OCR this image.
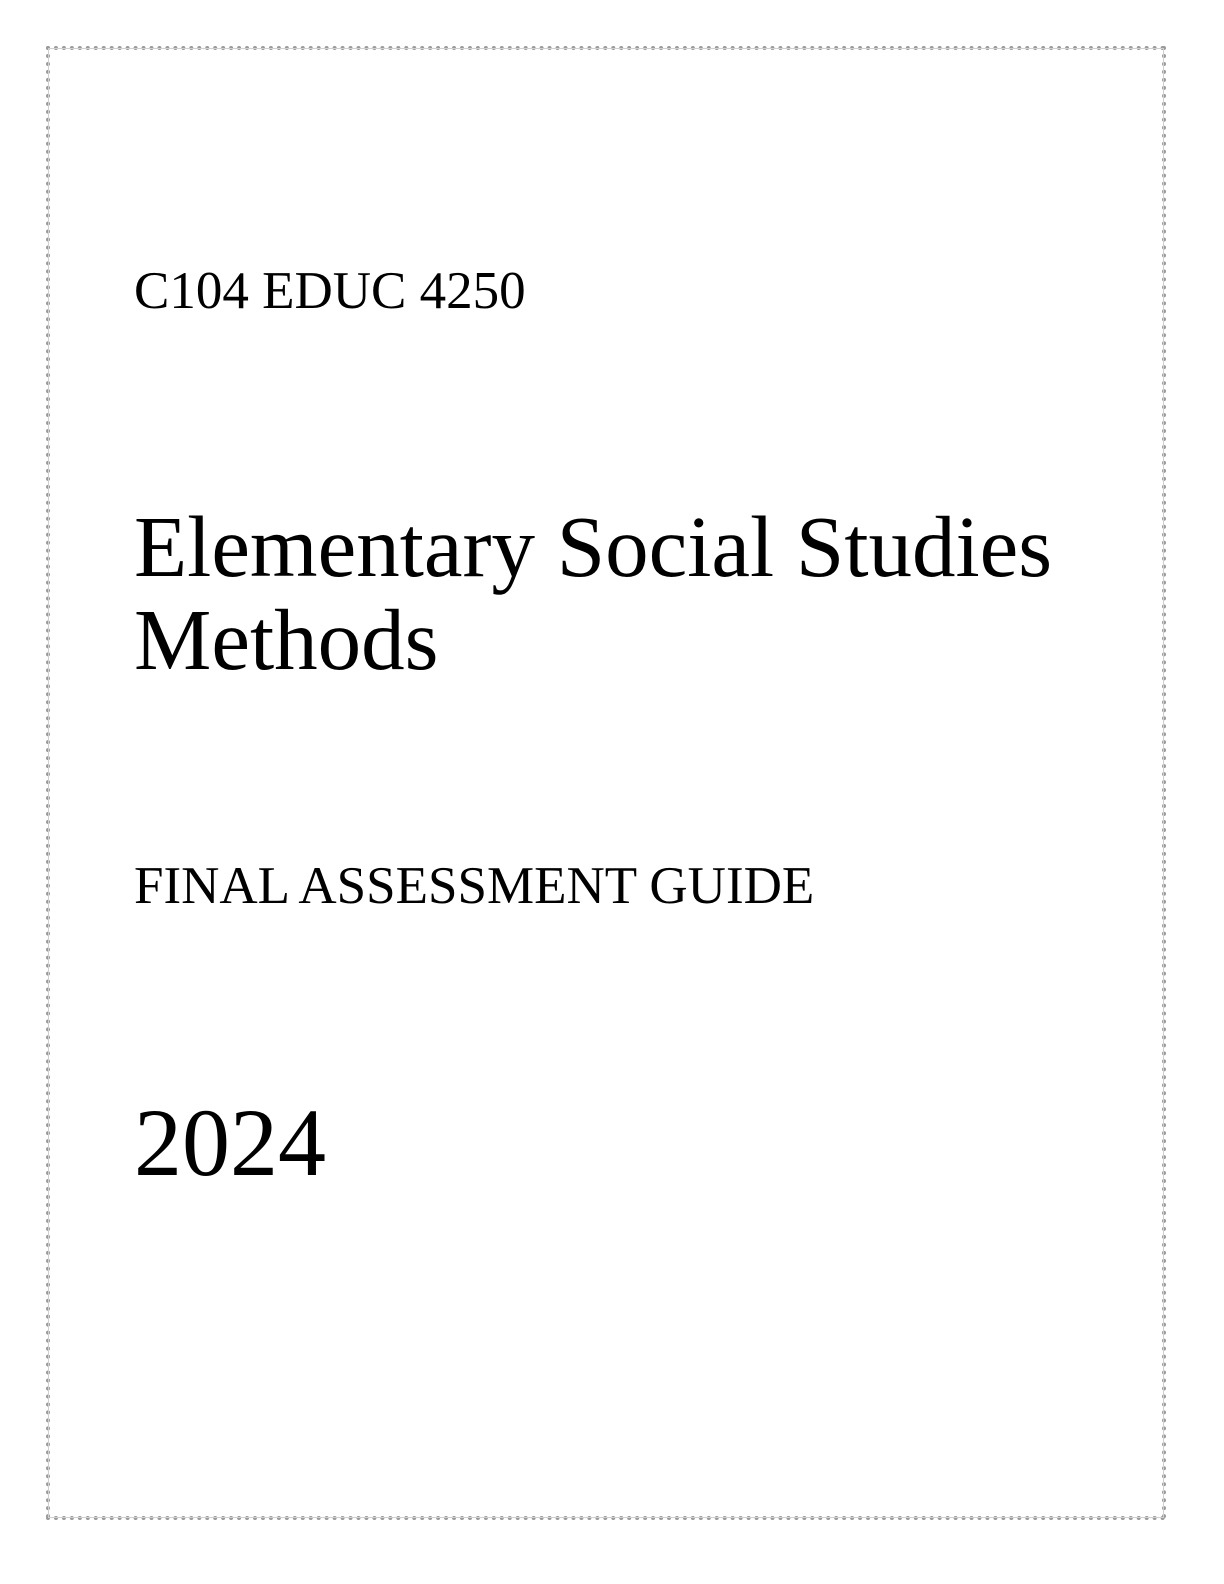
C104 EDUC 4250
Elementary Social Studies
Methods
FINAL ASSESSMENT GUIDE
2024
